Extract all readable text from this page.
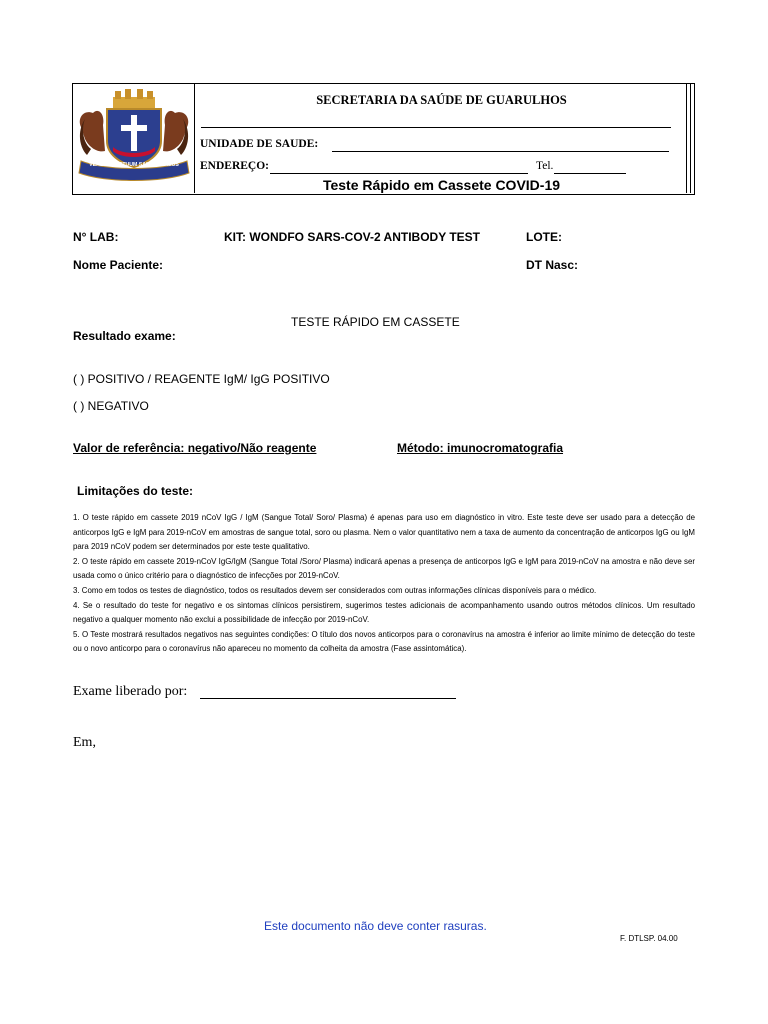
VERE PERPETUUM SANGUIS MEUS
SECRETARIA DA SAÚDE DE GUARULHOS
UNIDADE DE SAUDE:
ENDEREÇO:	Tel.
Teste Rápido em Cassete COVID-19
N° LAB:	KIT: WONDFO SARS-COV-2 ANTIBODY TEST	LOTE:
Nome Paciente:	DT Nasc:
TESTE RÁPIDO EM CASSETE
Resultado exame:
( ) POSITIVO / REAGENTE IgM/ IgG POSITIVO
( ) NEGATIVO
Valor de referência: negativo/Não reagente	Método: imunocromatografia
Limitações do teste:
1. O teste rápido em cassete 2019 nCoV IgG / IgM (Sangue Total/ Soro/ Plasma) é apenas para uso em diagnóstico in vitro. Este teste deve ser usado para a detecção de anticorpos IgG e IgM para 2019-nCoV em amostras de sangue total, soro ou plasma. Nem o valor quantitativo nem a taxa de aumento da concentração de anticorpos IgG ou IgM para 2019 nCoV podem ser determinados por este teste qualitativo.
2. O teste rápido em cassete 2019-nCoV IgG/IgM (Sangue Total /Soro/ Plasma) indicará apenas a presença de anticorpos IgG e IgM para 2019-nCoV na amostra e não deve ser usada como o único critério para o diagnóstico de infecções por 2019-nCoV.
3. Como em todos os testes de diagnóstico, todos os resultados devem ser considerados com outras informações clínicas disponíveis para o médico.
4. Se o resultado do teste for negativo e os sintomas clínicos persistirem, sugerimos testes adicionais de acompanhamento usando outros métodos clínicos. Um resultado negativo a qualquer momento não exclui a possibilidade de infecção por 2019-nCoV.
5. O Teste mostrará resultados negativos nas seguintes condições: O título dos novos anticorpos para o coronavírus na amostra é inferior ao limite mínimo de detecção do teste ou o novo anticorpo para o coronavírus não apareceu no momento da colheita da amostra (Fase assintomática).
Exame liberado por:
Em,
Este documento não deve conter rasuras.
F. DTLSP. 04.00
